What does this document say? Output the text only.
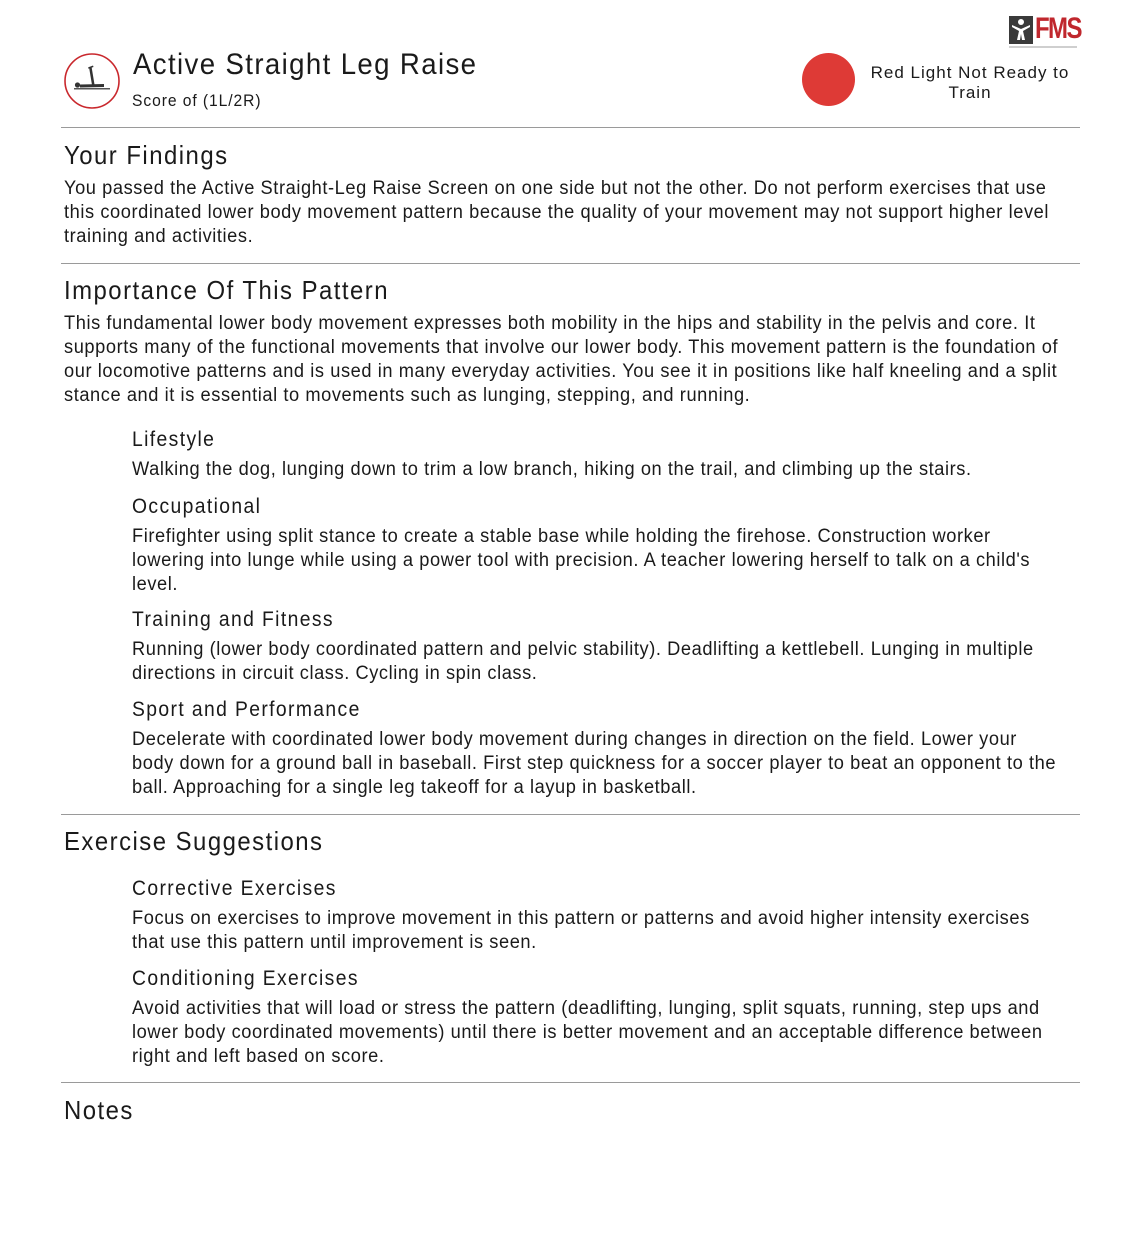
FMS
Active Straight Leg Raise
Score of (1L/2R)
Red Light Not Ready to Train
Your Findings
You passed the Active Straight-Leg Raise Screen on one side but not the other. Do not perform exercises that use this coordinated lower body movement pattern because the quality of your movement may not support higher level training and activities.
Importance Of This Pattern
This fundamental lower body movement expresses both mobility in the hips and stability in the pelvis and core. It supports many of the functional movements that involve our lower body. This movement pattern is the foundation of our locomotive patterns and is used in many everyday activities. You see it in positions like half kneeling and a split stance and it is essential to movements such as lunging, stepping, and running.
Lifestyle
Walking the dog, lunging down to trim a low branch, hiking on the trail, and climbing up the stairs.
Occupational
Firefighter using split stance to create a stable base while holding the firehose. Construction worker lowering into lunge while using a power tool with precision. A teacher lowering herself to talk on a child's level.
Training and Fitness
Running (lower body coordinated pattern and pelvic stability). Deadlifting a kettlebell. Lunging in multiple directions in circuit class. Cycling in spin class.
Sport and Performance
Decelerate with coordinated lower body movement during changes in direction on the field. Lower your body down for a ground ball in baseball. First step quickness for a soccer player to beat an opponent to the ball. Approaching for a single leg takeoff for a layup in basketball.
Exercise Suggestions
Corrective Exercises
Focus on exercises to improve movement in this pattern or patterns and avoid higher intensity exercises that use this pattern until improvement is seen.
Conditioning Exercises
Avoid activities that will load or stress the pattern (deadlifting, lunging, split squats, running, step ups and lower body coordinated movements) until there is better movement and an acceptable difference between right and left based on score.
Notes
